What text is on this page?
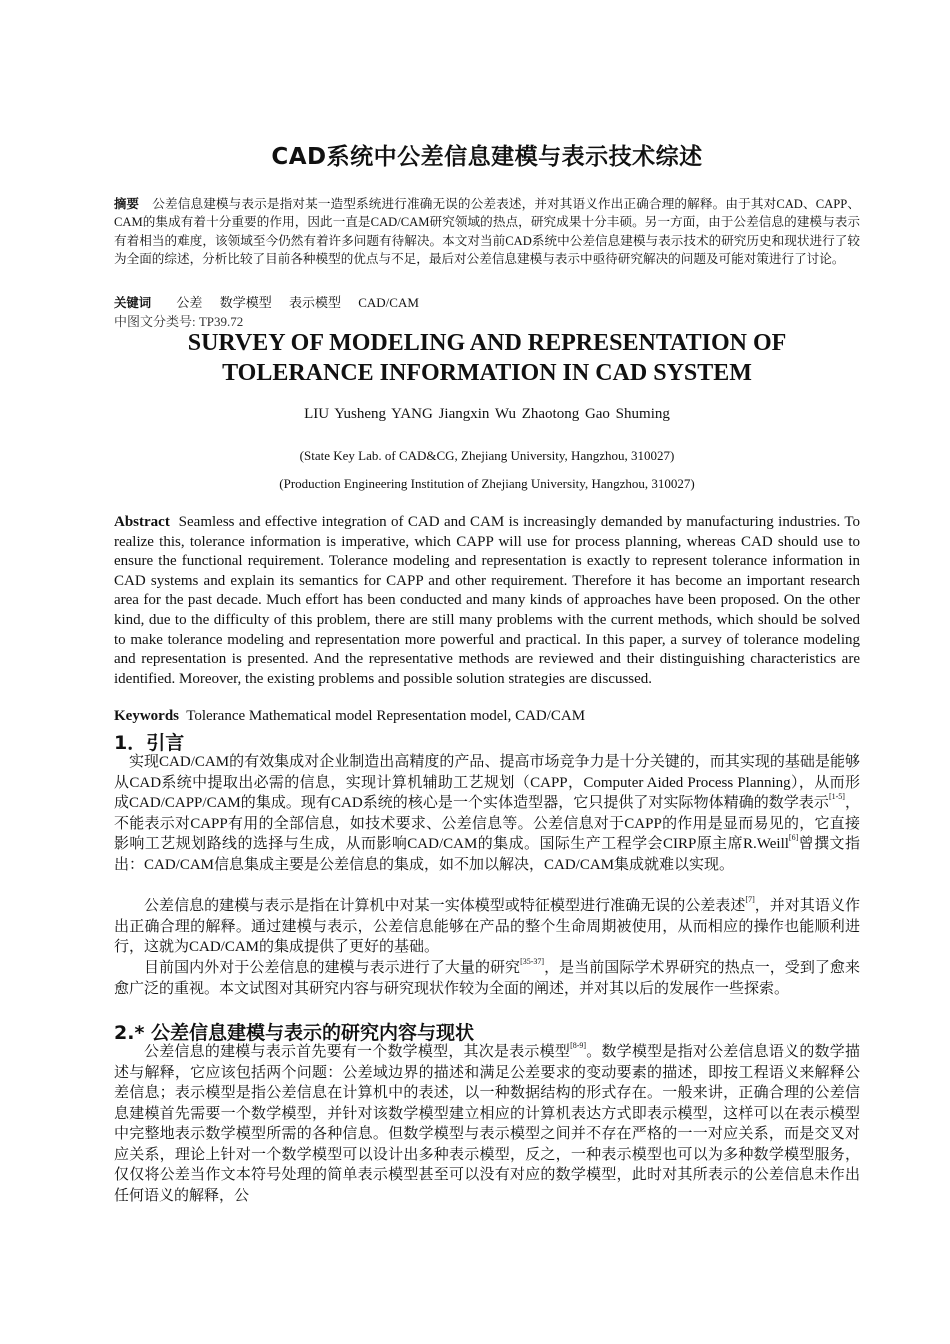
CAD系统中公差信息建模与表示技术综述
摘要 公差信息建模与表示是指对某一造型系统进行准确无误的公差表述，并对其语义作出正确合理的解释。由于其对CAD、CAPP、CAM的集成有着十分重要的作用，因此一直是CAD/CAM研究领域的热点，研究成果十分丰硕。另一方面，由于公差信息的建模与表示有着相当的难度，该领域至今仍然有着许多问题有待解决。本文对当前CAD系统中公差信息建模与表示技术的研究历史和现状进行了较为全面的综述，分析比较了目前各种模型的优点与不足，最后对公差信息建模与表示中亟待研究解决的问题及可能对策进行了讨论。
关键词 公差 数学模型 表示模型 CAD/CAM
中图文分类号: TP39.72
SURVEY OF MODELING AND REPRESENTATION OF TOLERANCE INFORMATION IN CAD SYSTEM
LIU Yusheng YANG Jiangxin Wu Zhaotong Gao Shuming
(State Key Lab. of CAD&CG, Zhejiang University, Hangzhou, 310027)
(Production Engineering Institution of Zhejiang University, Hangzhou, 310027)
Abstract Seamless and effective integration of CAD and CAM is increasingly demanded by manufacturing industries. To realize this, tolerance information is imperative, which CAPP will use for process planning, whereas CAD should use to ensure the functional requirement. Tolerance modeling and representation is exactly to represent tolerance information in CAD systems and explain its semantics for CAPP and other requirement. Therefore it has become an important research area for the past decade. Much effort has been conducted and many kinds of approaches have been proposed. On the other kind, due to the difficulty of this problem, there are still many problems with the current methods, which should be solved to make tolerance modeling and representation more powerful and practical. In this paper, a survey of tolerance modeling and representation is presented. And the representative methods are reviewed and their distinguishing characteristics are identified. Moreover, the existing problems and possible solution strategies are discussed.
Keywords Tolerance Mathematical model Representation model, CAD/CAM
1．引言
实现CAD/CAM的有效集成对企业制造出高精度的产品、提高市场竞争力是十分关键的，而其实现的基础是能够从CAD系统中提取出必需的信息，实现计算机辅助工艺规划（CAPP，Computer Aided Process Planning），从而形成CAD/CAPP/CAM的集成。现有CAD系统的核心是一个实体造型器，它只提供了对实际物体精确的数学表示[1-5]，不能表示对CAPP有用的全部信息，如技术要求、公差信息等。公差信息对于CAPP的作用是显而易见的，它直接影响工艺规划路线的选择与生成，从而影响CAD/CAM的集成。国际生产工程学会CIRP原主席R.Weill[6]曾撰文指出：CAD/CAM信息集成主要是公差信息的集成，如不加以解决，CAD/CAM集成就难以实现。
公差信息的建模与表示是指在计算机中对某一实体模型或特征模型进行准确无误的公差表述[7]，并对其语义作出正确合理的解释。通过建模与表示，公差信息能够在产品的整个生命周期被使用，从而相应的操作也能顺利进行，这就为CAD/CAM的集成提供了更好的基础。
目前国内外对于公差信息的建模与表示进行了大量的研究[35-37]，是当前国际学术界研究的热点一，受到了愈来愈广泛的重视。本文试图对其研究内容与研究现状作较为全面的阐述，并对其以后的发展作一些探索。
2.* 公差信息建模与表示的研究内容与现状
公差信息的建模与表示首先要有一个数学模型，其次是表示模型[8-9]。数学模型是指对公差信息语义的数学描述与解释，它应该包括两个问题：公差域边界的描述和满足公差要求的变动要素的描述，即按工程语义来解释公差信息；表示模型是指公差信息在计算机中的表述，以一种数据结构的形式存在。一般来讲，正确合理的公差信息建模首先需要一个数学模型，并针对该数学模型建立相应的计算机表达方式即表示模型，这样可以在表示模型中完整地表示数学模型所需的各种信息。但数学模型与表示模型之间并不存在严格的一一对应关系，而是交叉对应关系，理论上针对一个数学模型可以设计出多种表示模型，反之，一种表示模型也可以为多种数学模型服务，仅仅将公差当作文本符号处理的简单表示模型甚至可以没有对应的数学模型，此时对其所表示的公差信息未作出任何语义的解释，公
